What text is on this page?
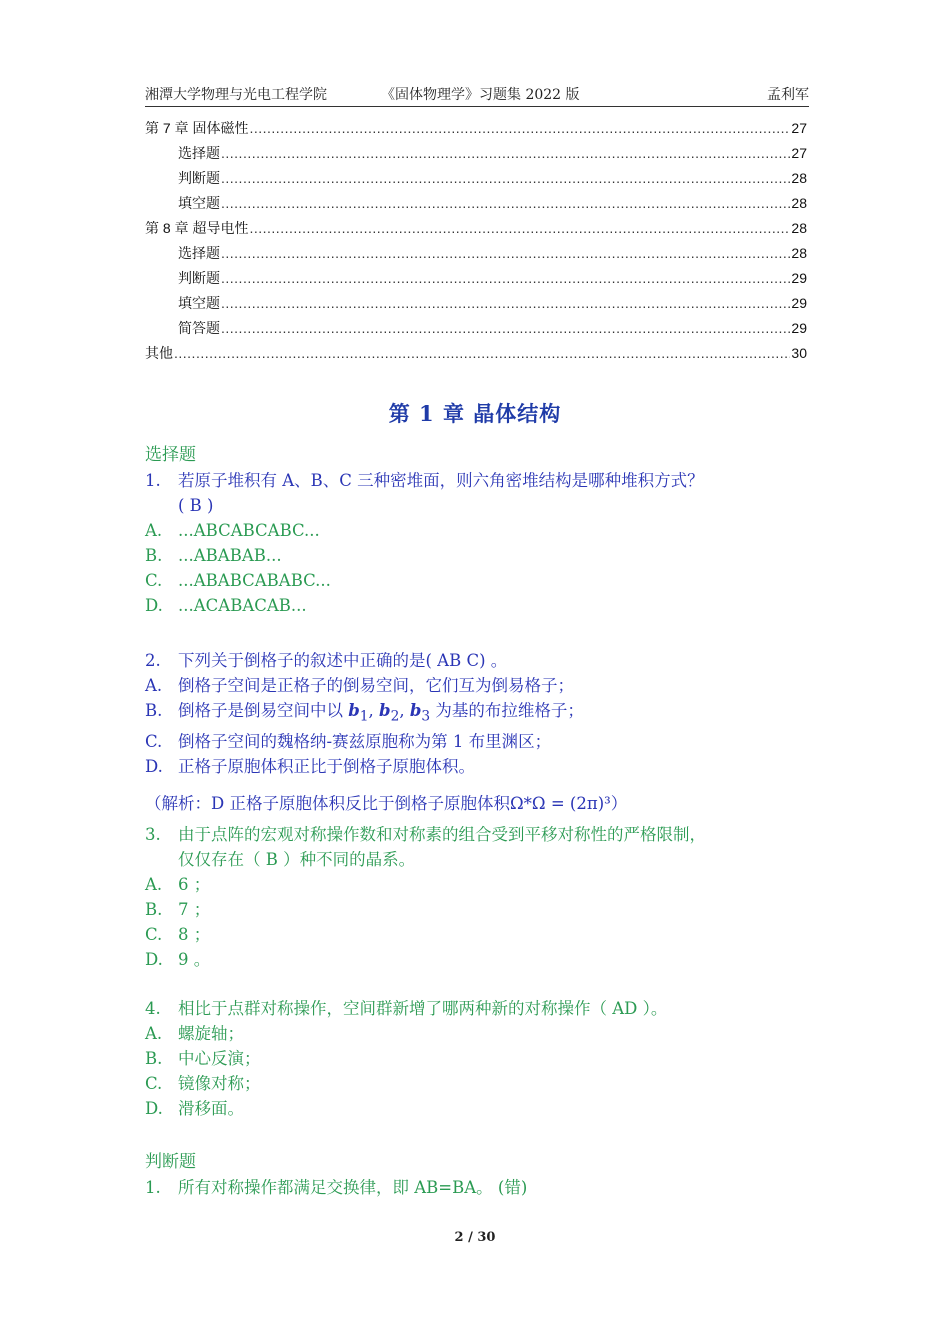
湘潭大学物理与光电工程学院	《固体物理学》习题集 2022 版	孟利军
第 7 章 固体磁性 .....	27
选择题 .....	27
判断题 .....	28
填空题 .....	28
第 8 章 超导电性 .....	28
选择题 .....	28
判断题 .....	29
填空题 .....	29
简答题 .....	29
其他 .....	30
第 1 章 晶体结构
选择题
1.	若原子堆积有 A、B、C 三种密堆面，则六角密堆结构是哪种堆积方式？
( B )
A. ...ABCABCABC...
B. ...ABABAB...
C. ...ABABCABABC...
D. ...ACABACAB...
2.	下列关于倒格子的叙述中正确的是( AB C) 。
A. 倒格子空间是正格子的倒易空间，它们互为倒易格子；
B. 倒格子是倒易空间中以 $b_1$, $b_2$, $b_3$ 为基的布拉维格子；
C. 倒格子空间的魏格纳-赛兹原胞称为第 1 布里渊区；
D. 正格子原胞体积正比于倒格子原胞体积。
（解析：D 正格子原胞体积反比于倒格子原胞体积Ω*Ω = (2π)³）
3.	由于点阵的宏观对称操作数和对称素的组合受到平移对称性的严格限制，
仅仅存在（ B ）种不同的晶系。
A. 6 ；
B. 7 ；
C. 8 ；
D. 9 。
4.	相比于点群对称操作，空间群新增了哪两种新的对称操作（ AD ）。
A. 螺旋轴；
B. 中心反演；
C. 镜像对称；
D. 滑移面。
判断题
1.	所有对称操作都满足交换律，即 AB=BA。 (错)
2 / 30
